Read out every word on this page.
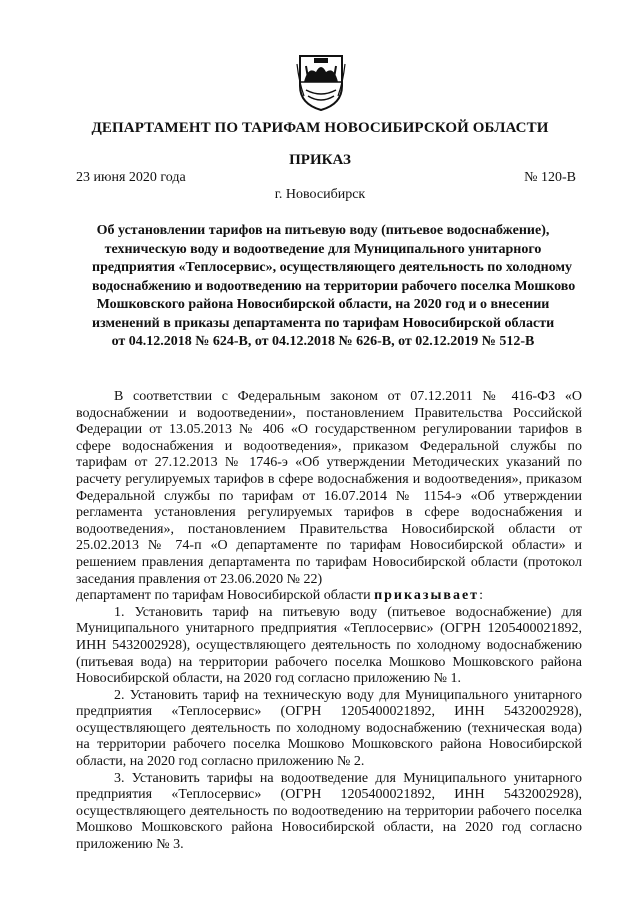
ДЕПАРТАМЕНТ ПО ТАРИФАМ НОВОСИБИРСКОЙ ОБЛАСТИ
ПРИКАЗ
23 июня 2020 года	№ 120-В
г. Новосибирск
Об установлении тарифов на питьевую воду (питьевое водоснабжение),
техническую воду и водоотведение для Муниципального унитарного
предприятия «Теплосервис», осуществляющего деятельность по холодному
водоснабжению и водоотведению на территории рабочего поселка Мошково
Мошковского района Новосибирской области, на 2020 год и о внесении
изменений в приказы департамента по тарифам Новосибирской области
от 04.12.2018 № 624-В, от 04.12.2018 № 626-В, от 02.12.2019 № 512-В

В соответствии с Федеральным законом от 07.12.2011 № 416-ФЗ «О водоснабжении и водоотведении», постановлением Правительства Российской Федерации от 13.05.2013 № 406 «О государственном регулировании тарифов в сфере водоснабжения и водоотведения», приказом Федеральной службы по тарифам от 27.12.2013 № 1746-э «Об утверждении Методических указаний по расчету регулируемых тарифов в сфере водоснабжения и водоотведения», приказом Федеральной службы по тарифам от 16.07.2014 № 1154-э «Об утверждении регламента установления регулируемых тарифов в сфере водоснабжения и водоотведения», постановлением Правительства Новосибирской области от 25.02.2013 № 74-п «О департаменте по тарифам Новосибирской области» и решением правления департамента по тарифам Новосибирской области (протокол заседания правления от 23.06.2020 № 22)

департамент по тарифам Новосибирской области приказывает:

1. Установить тариф на питьевую воду (питьевое водоснабжение) для Муниципального унитарного предприятия «Теплосервис» (ОГРН 1205400021892, ИНН 5432002928), осуществляющего деятельность по холодному водоснабжению (питьевая вода) на территории рабочего поселка Мошково Мошковского района Новосибирской области, на 2020 год согласно приложению № 1.

2. Установить тариф на техническую воду для Муниципального унитарного предприятия «Теплосервис» (ОГРН 1205400021892, ИНН 5432002928), осуществляющего деятельность по холодному водоснабжению (техническая вода) на территории рабочего поселка Мошково Мошковского района Новосибирской области, на 2020 год согласно приложению № 2.

3. Установить тарифы на водоотведение для Муниципального унитарного предприятия «Теплосервис» (ОГРН 1205400021892, ИНН 5432002928), осуществляющего деятельность по водоотведению на территории рабочего поселка Мошково Мошковского района Новосибирской области, на 2020 год согласно приложению № 3.
